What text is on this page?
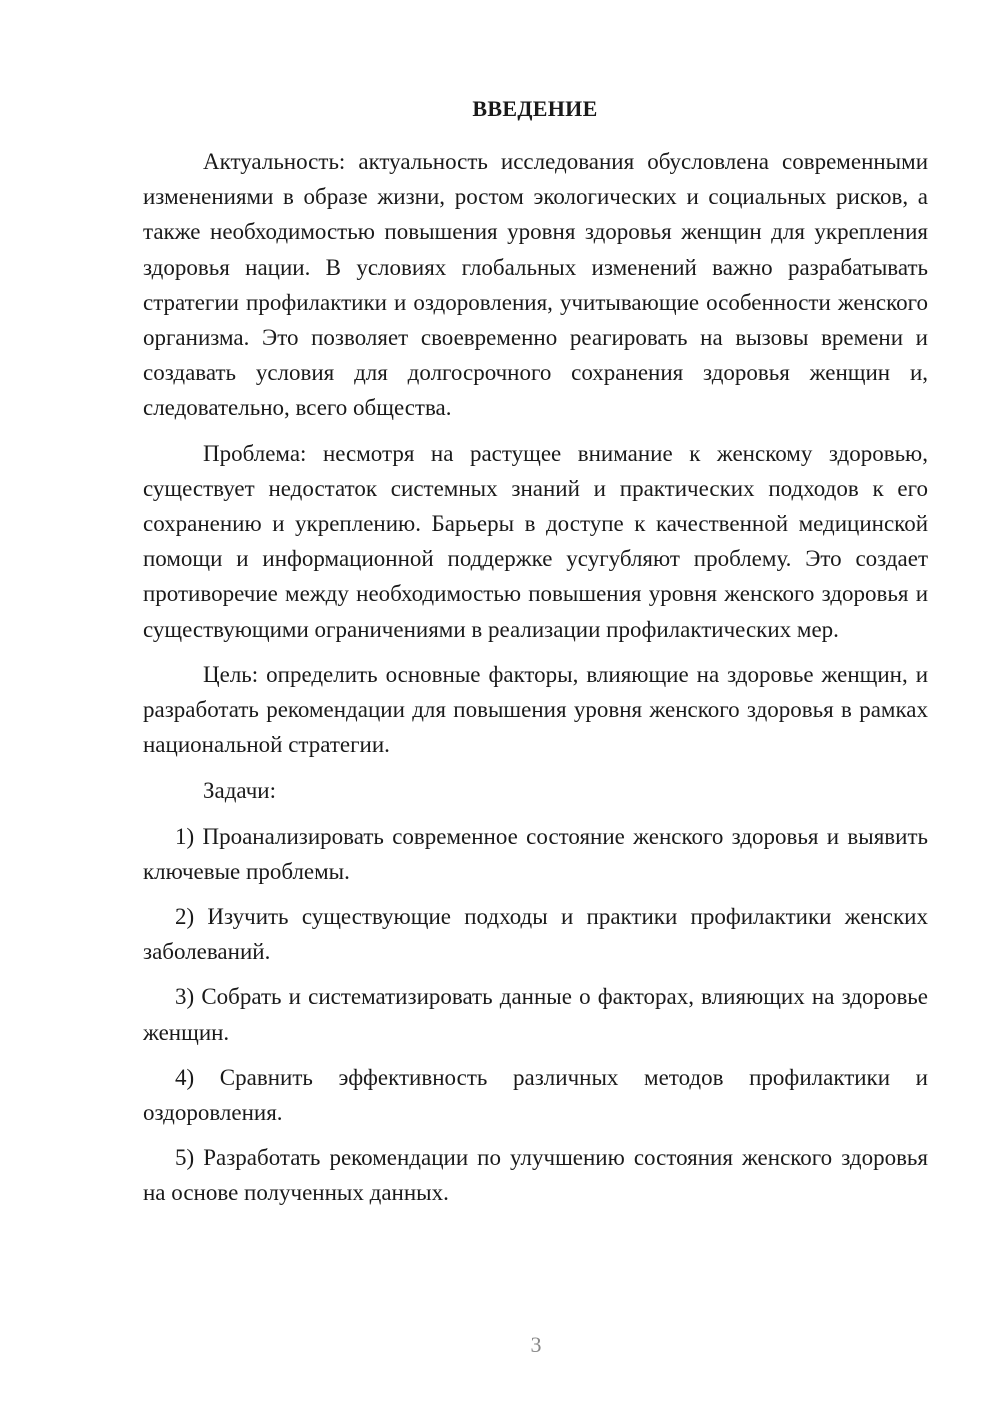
ВВЕДЕНИЕ

Актуальность: актуальность исследования обусловлена современными изменениями в образе жизни, ростом экологических и социальных рисков, а также необходимостью повышения уровня здоровья женщин для укрепления здоровья нации. В условиях глобальных изменений важно разрабатывать стратегии профилактики и оздоровления, учитывающие особенности женского организма. Это позволяет своевременно реагировать на вызовы времени и создавать условия для долгосрочного сохранения здоровья женщин и, следовательно, всего общества.

Проблема: несмотря на растущее внимание к женскому здоровью, существует недостаток системных знаний и практических подходов к его сохранению и укреплению. Барьеры в доступе к качественной медицинской помощи и информационной поддержке усугубляют проблему. Это создает противоречие между необходимостью повышения уровня женского здоровья и существующими ограничениями в реализации профилактических мер.

Цель: определить основные факторы, влияющие на здоровье женщин, и разработать рекомендации для повышения уровня женского здоровья в рамках национальной стратегии.

Задачи:

1) Проанализировать современное состояние женского здоровья и выявить ключевые проблемы.

2) Изучить существующие подходы и практики профилактики женских заболеваний.

3) Собрать и систематизировать данные о факторах, влияющих на здоровье женщин.

4) Сравнить эффективность различных методов профилактики и оздоровления.

5) Разработать рекомендации по улучшению состояния женского здоровья на основе полученных данных.

3
